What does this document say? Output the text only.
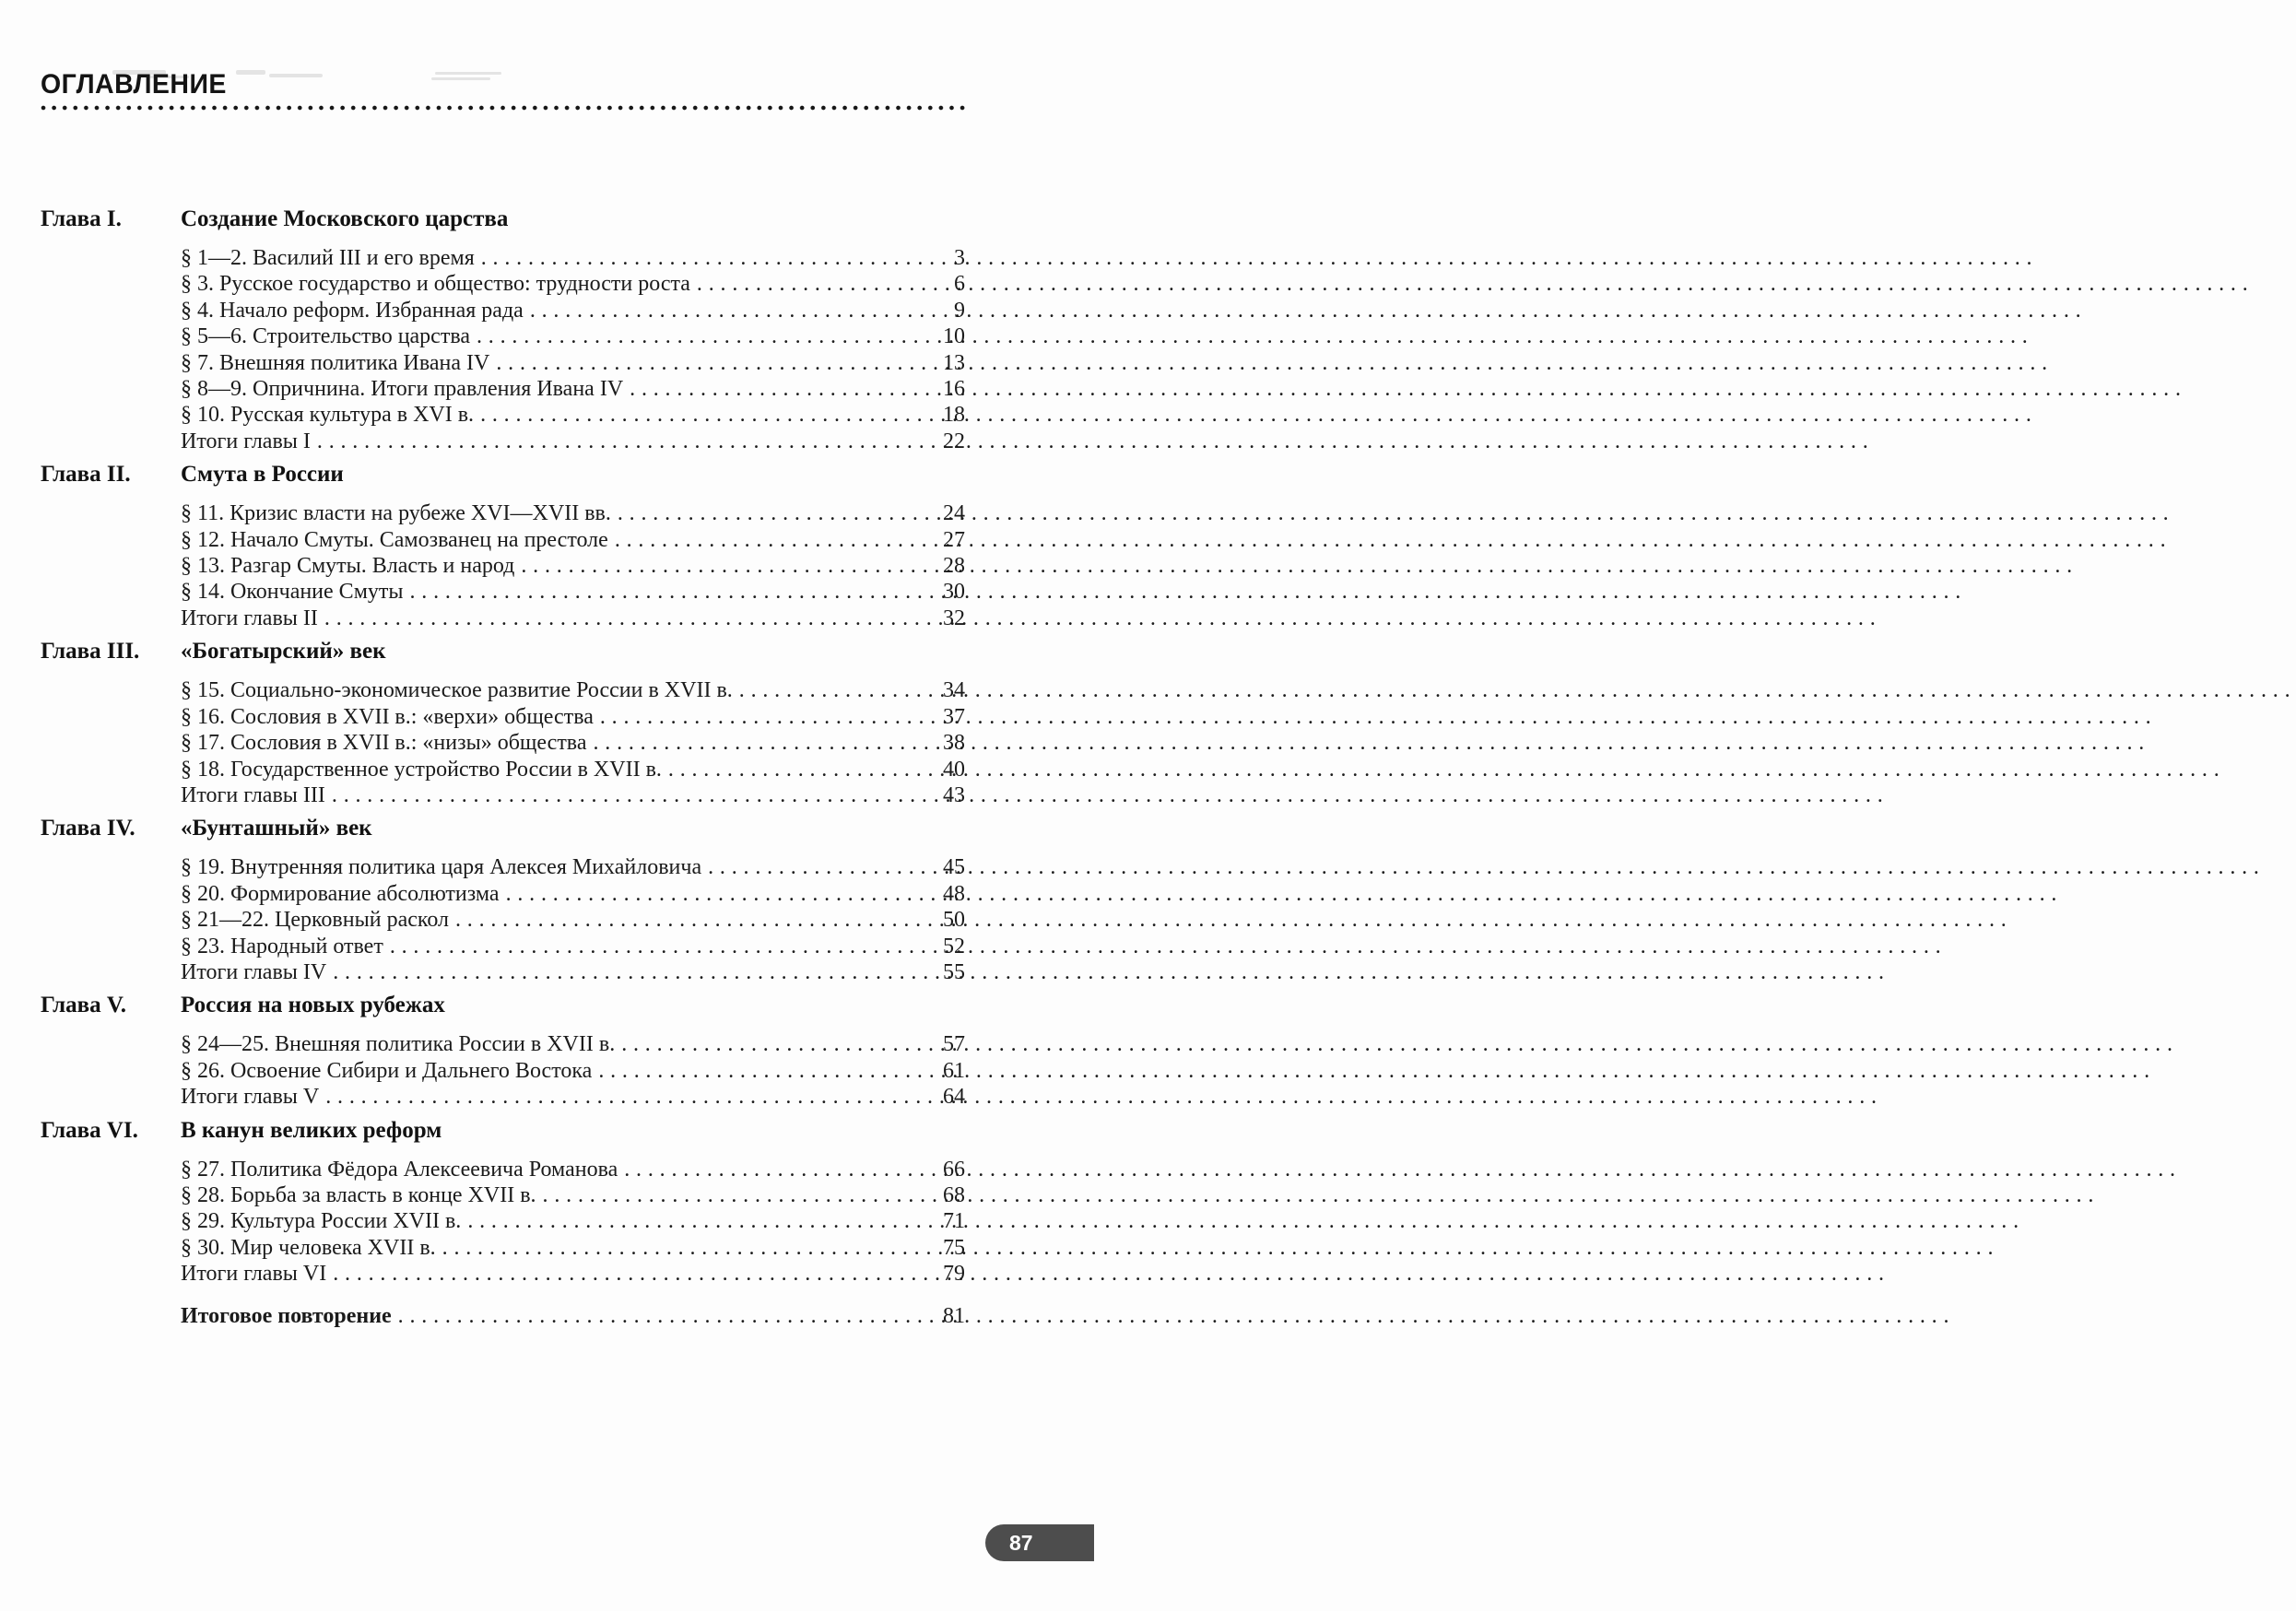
ОГЛАВЛЕНИЕ
Глава I.	Создание Московского царства
§ 1—2. Василий III и его время .....	3
§ 3. Русское государство и общество: трудности роста .....	6
§ 4. Начало реформ. Избранная рада .....	9
§ 5—6. Строительство царства .....	10
§ 7. Внешняя политика Ивана IV .....	13
§ 8—9. Опричнина. Итоги правления Ивана IV .....	16
§ 10. Русская культура в XVI в. .....	18
Итоги главы I .....	22
Глава II.	Смута в России
§ 11. Кризис власти на рубеже XVI—XVII вв. .....	24
§ 12. Начало Смуты. Самозванец на престоле .....	27
§ 13. Разгар Смуты. Власть и народ .....	28
§ 14. Окончание Смуты .....	30
Итоги главы II .....	32
Глава III.	«Богатырский» век
§ 15. Социально-экономическое развитие России в XVII в. .....	34
§ 16. Сословия в XVII в.: «верхи» общества .....	37
§ 17. Сословия в XVII в.: «низы» общества .....	38
§ 18. Государственное устройство России в XVII в. .....	40
Итоги главы III .....	43
Глава IV.	«Бунташный» век
§ 19. Внутренняя политика царя Алексея Михайловича .....	45
§ 20. Формирование абсолютизма .....	48
§ 21—22. Церковный раскол .....	50
§ 23. Народный ответ .....	52
Итоги главы IV .....	55
Глава V.	Россия на новых рубежах
§ 24—25. Внешняя политика России в XVII в. .....	57
§ 26. Освоение Сибири и Дальнего Востока .....	61
Итоги главы V .....	64
Глава VI.	В канун великих реформ
§ 27. Политика Фёдора Алексеевича Романова .....	66
§ 28. Борьба за власть в конце XVII в. .....	68
§ 29. Культура России XVII в. .....	71
§ 30. Мир человека XVII в. .....	75
Итоги главы VI .....	79
Итоговое повторение .....	81
87
